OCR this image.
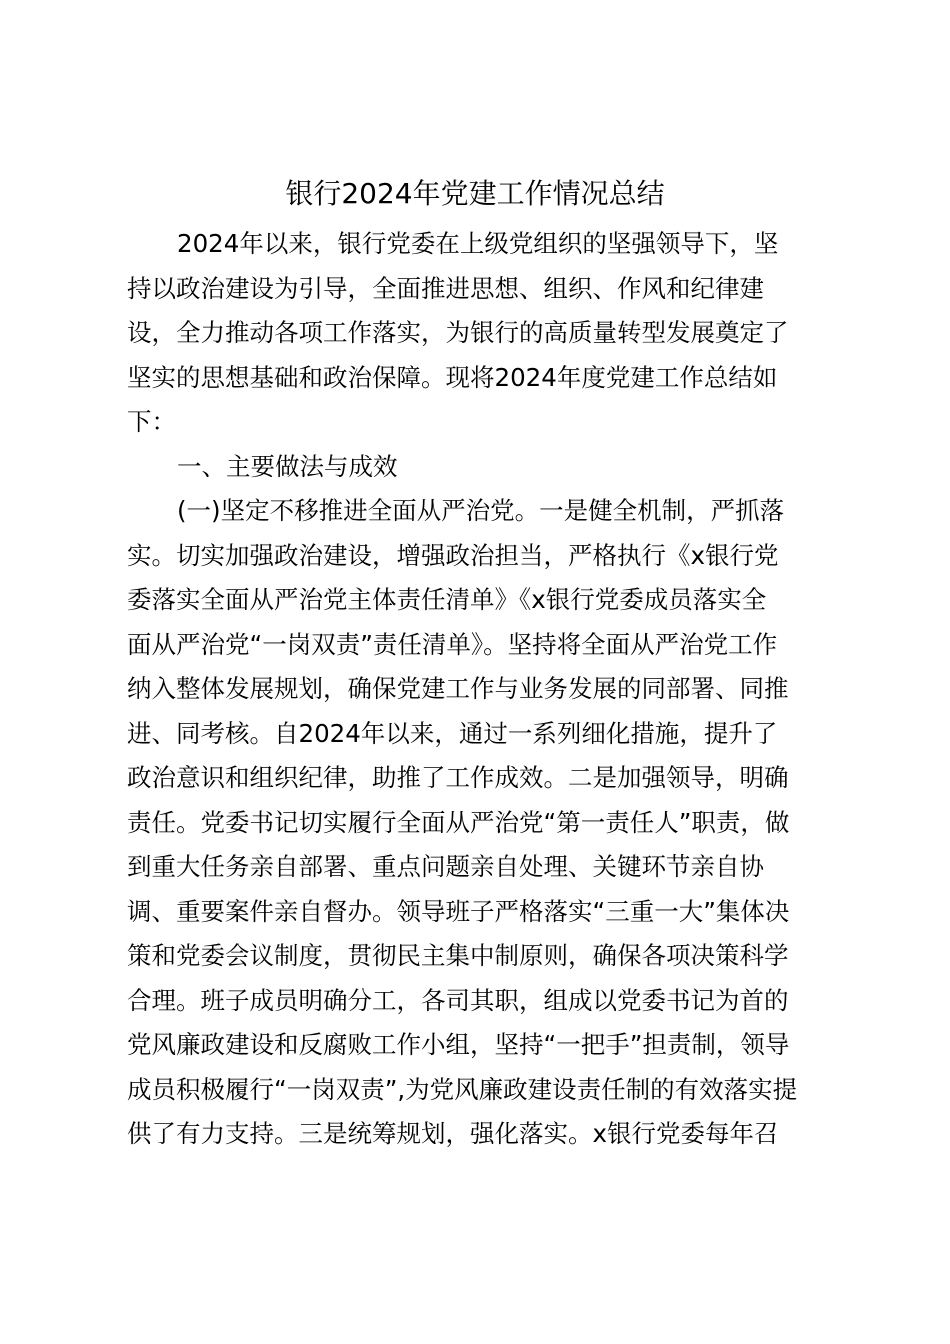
银行2024年党建工作情况总结
2024年以来，银行党委在上级党组织的坚强领导下，坚
持以政治建设为引导，全面推进思想、组织、作风和纪律建
设，全力推动各项工作落实，为银行的高质量转型发展奠定了
坚实的思想基础和政治保障。现将2024年度党建工作总结如
下：
一、主要做法与成效
(一)坚定不移推进全面从严治党。一是健全机制，严抓落
实。切实加强政治建设，增强政治担当，严格执行《x银行党
委落实全面从严治党主体责任清单》《x银行党委成员落实全
面从严治党“一岗双责”责任清单》。坚持将全面从严治党工作
纳入整体发展规划，确保党建工作与业务发展的同部署、同推
进、同考核。自2024年以来，通过一系列细化措施，提升了
政治意识和组织纪律，助推了工作成效。二是加强领导，明确
责任。党委书记切实履行全面从严治党“第一责任人”职责，做
到重大任务亲自部署、重点问题亲自处理、关键环节亲自协
调、重要案件亲自督办。领导班子严格落实“三重一大”集体决
策和党委会议制度，贯彻民主集中制原则，确保各项决策科学
合理。班子成员明确分工，各司其职，组成以党委书记为首的
党风廉政建设和反腐败工作小组，坚持“一把手”担责制，领导
成员积极履行“一岗双责”,为党风廉政建设责任制的有效落实提
供了有力支持。三是统筹规划，强化落实。x银行党委每年召
